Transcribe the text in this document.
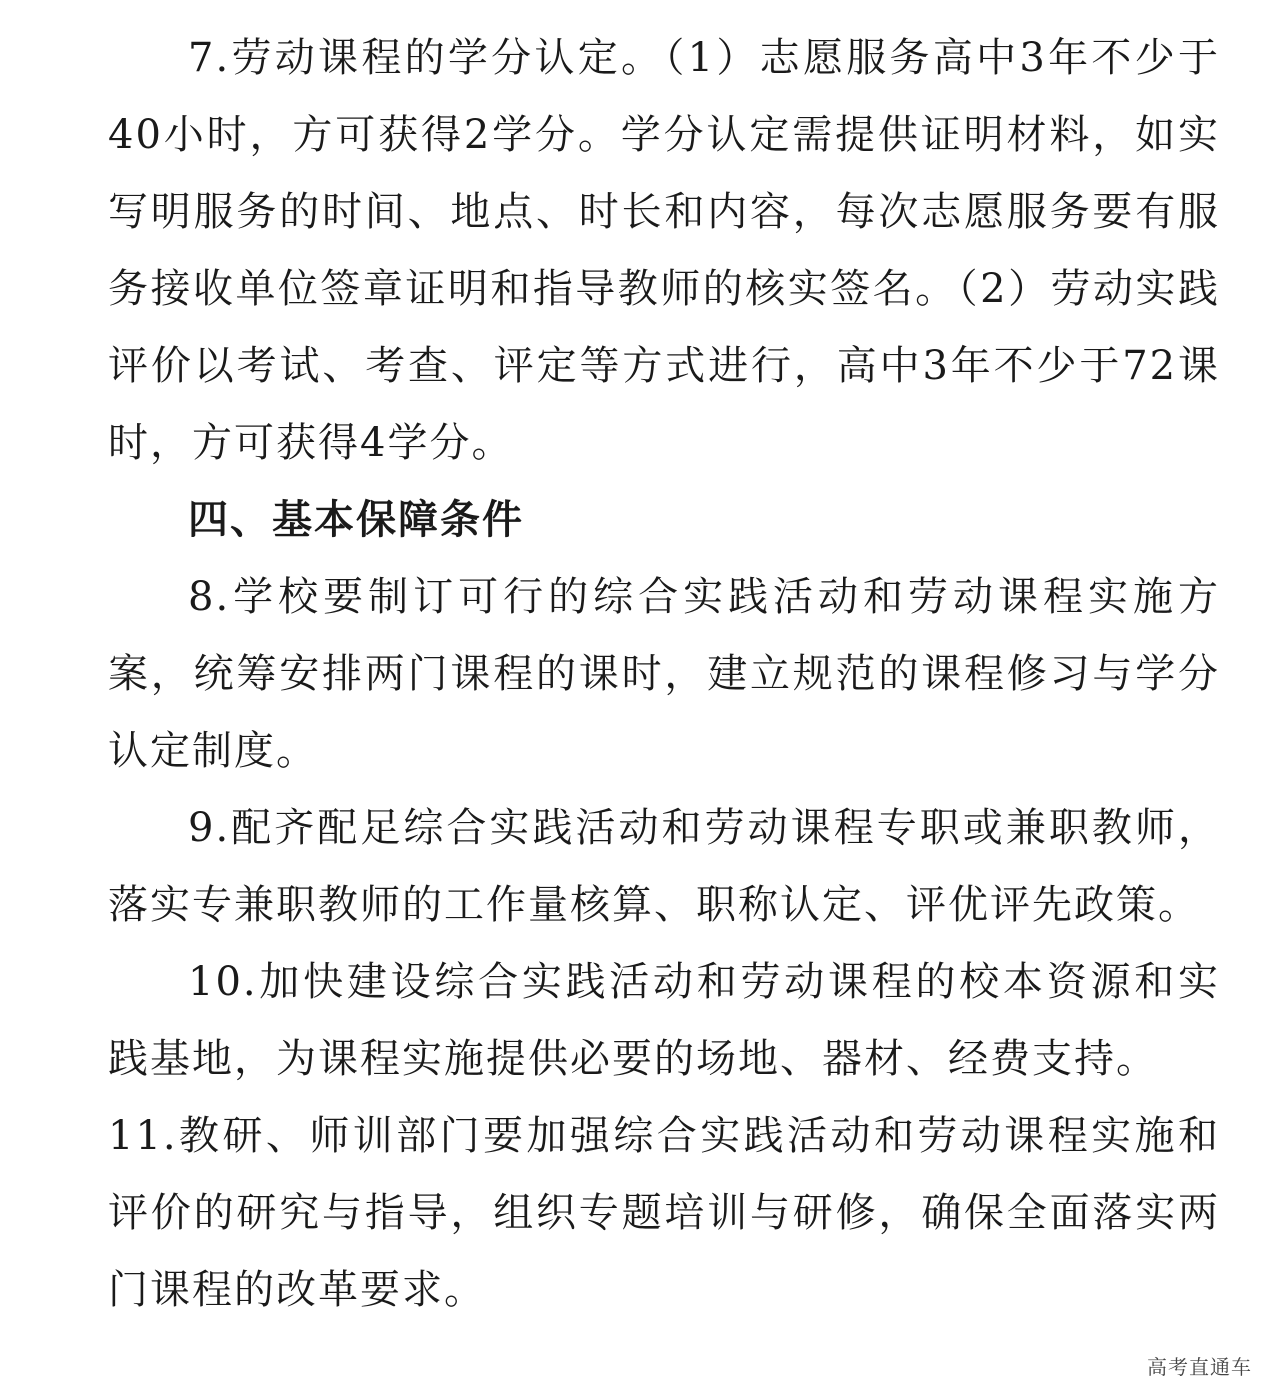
7.劳动课程的学分认定。（1）志愿服务高中3年不少于40小时，方可获得2学分。学分认定需提供证明材料，如实写明服务的时间、地点、时长和内容，每次志愿服务要有服务接收单位签章证明和指导教师的核实签名。（2）劳动实践评价以考试、考查、评定等方式进行，高中3年不少于72课时，方可获得4学分。

四、基本保障条件

8.学校要制订可行的综合实践活动和劳动课程实施方案，统筹安排两门课程的课时，建立规范的课程修习与学分认定制度。

9.配齐配足综合实践活动和劳动课程专职或兼职教师，落实专兼职教师的工作量核算、职称认定、评优评先政策。

10.加快建设综合实践活动和劳动课程的校本资源和实践基地，为课程实施提供必要的场地、器材、经费支持。

11.教研、师训部门要加强综合实践活动和劳动课程实施和评价的研究与指导，组织专题培训与研修，确保全面落实两门课程的改革要求。

高考直通车
